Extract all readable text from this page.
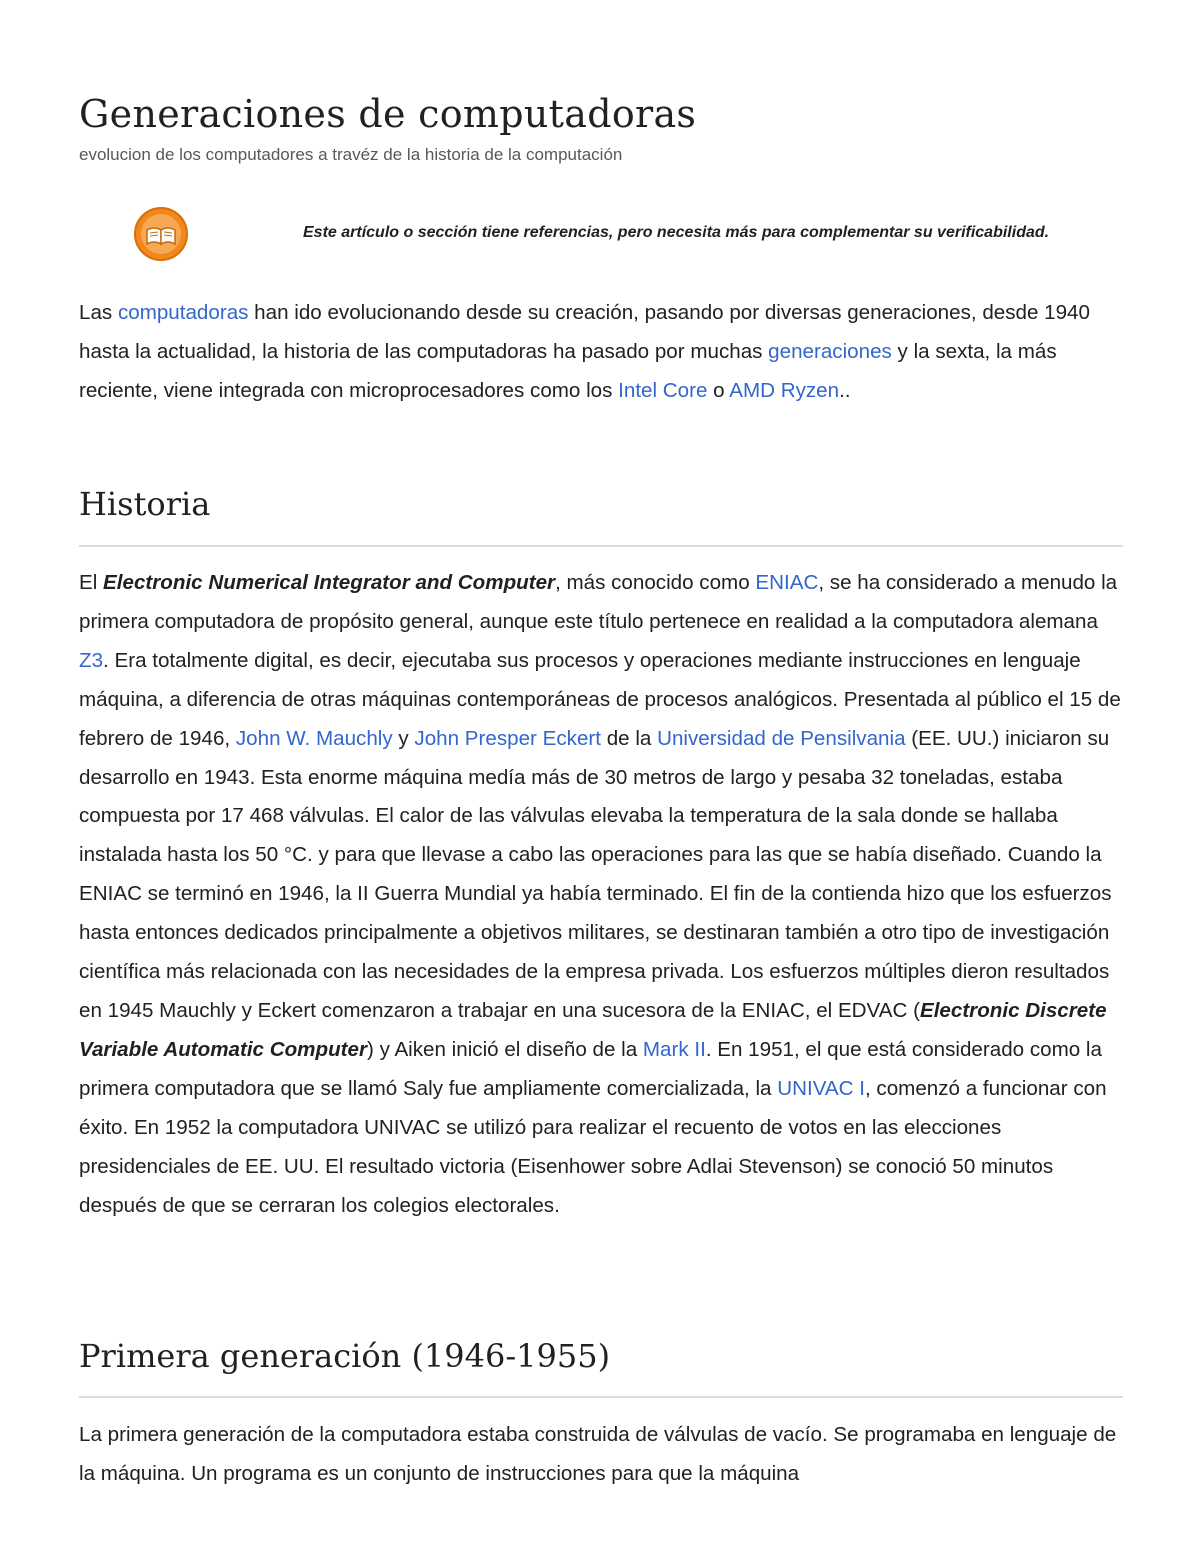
Generaciones de computadoras
evolucion de los computadores a travéz de la historia de la computación
Este artículo o sección tiene referencias, pero necesita más para complementar su verificabilidad.

Las computadoras han ido evolucionando desde su creación, pasando por diversas generaciones, desde 1940 hasta la actualidad, la historia de las computadoras ha pasado por muchas generaciones y la sexta, la más reciente, viene integrada con microprocesadores como los Intel Core o AMD Ryzen..

Historia

El Electronic Numerical Integrator and Computer, más conocido como ENIAC, se ha considerado a menudo la primera computadora de propósito general, aunque este título pertenece en realidad a la computadora alemana Z3. Era totalmente digital, es decir, ejecutaba sus procesos y operaciones mediante instrucciones en lenguaje máquina, a diferencia de otras máquinas contemporáneas de procesos analógicos. Presentada al público el 15 de febrero de 1946, John W. Mauchly y John Presper Eckert de la Universidad de Pensilvania (EE. UU.) iniciaron su desarrollo en 1943. Esta enorme máquina medía más de 30 metros de largo y pesaba 32 toneladas, estaba compuesta por 17 468 válvulas. El calor de las válvulas elevaba la temperatura de la sala donde se hallaba instalada hasta los 50 °C. y para que llevase a cabo las operaciones para las que se había diseñado. Cuando la ENIAC se terminó en 1946, la II Guerra Mundial ya había terminado. El fin de la contienda hizo que los esfuerzos hasta entonces dedicados principalmente a objetivos militares, se destinaran también a otro tipo de investigación científica más relacionada con las necesidades de la empresa privada. Los esfuerzos múltiples dieron resultados en 1945 Mauchly y Eckert comenzaron a trabajar en una sucesora de la ENIAC, el EDVAC (Electronic Discrete Variable Automatic Computer) y Aiken inició el diseño de la Mark II. En 1951, el que está considerado como la primera computadora que se llamó Saly fue ampliamente comercializada, la UNIVAC I, comenzó a funcionar con éxito. En 1952 la computadora UNIVAC se utilizó para realizar el recuento de votos en las elecciones presidenciales de EE. UU. El resultado victoria (Eisenhower sobre Adlai Stevenson) se conoció 50 minutos después de que se cerraran los colegios electorales.

Primera generación (1946-1955)

La primera generación de la computadora estaba construida de válvulas de vacío. Se programaba en lenguaje de la máquina. Un programa es un conjunto de instrucciones para que la máquina
